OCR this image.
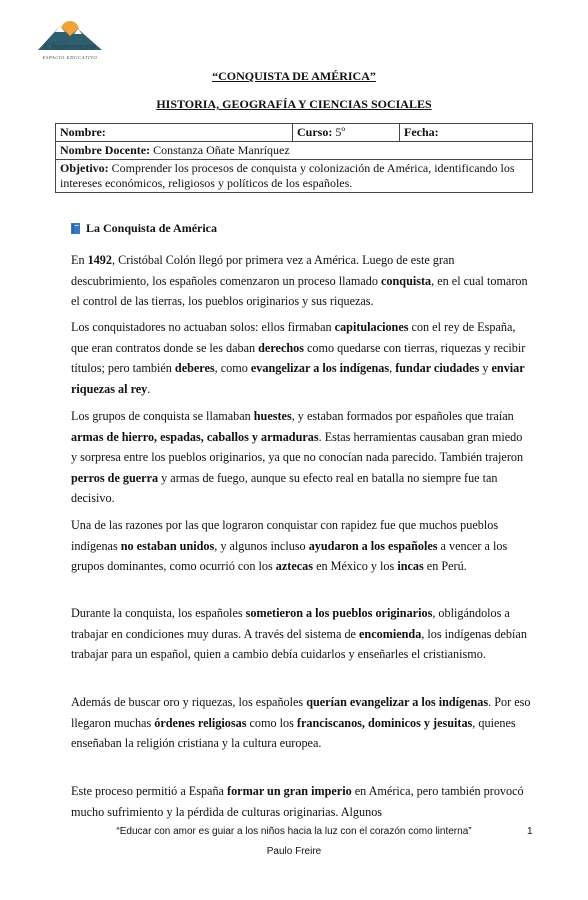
Chamonate
ESPACIO EDUCATIVO
“CONQUISTA DE AMÉRICA”
HISTORIA, GEOGRAFÍA Y CIENCIAS SOCIALES
Nombre:	Curso: 5º	Fecha:
Nombre Docente: Constanza Oñate Manríquez
Objetivo: Comprender los procesos de conquista y colonización de América, identificando los intereses económicos, religiosos y políticos de los españoles.
La Conquista de América

En 1492, Cristóbal Colón llegó por primera vez a América. Luego de este gran descubrimiento, los españoles comenzaron un proceso llamado conquista, en el cual tomaron el control de las tierras, los pueblos originarios y sus riquezas.

Los conquistadores no actuaban solos: ellos firmaban capitulaciones con el rey de España, que eran contratos donde se les daban derechos como quedarse con tierras, riquezas y recibir títulos; pero también deberes, como evangelizar a los indígenas, fundar ciudades y enviar riquezas al rey.

Los grupos de conquista se llamaban huestes, y estaban formados por españoles que traían armas de hierro, espadas, caballos y armaduras. Estas herramientas causaban gran miedo y sorpresa entre los pueblos originarios, ya que no conocían nada parecido. También trajeron perros de guerra y armas de fuego, aunque su efecto real en batalla no siempre fue tan decisivo.

Una de las razones por las que lograron conquistar con rapidez fue que muchos pueblos indígenas no estaban unidos, y algunos incluso ayudaron a los españoles a vencer a los grupos dominantes, como ocurrió con los aztecas en México y los incas en Perú.

Durante la conquista, los españoles sometieron a los pueblos originarios, obligándolos a trabajar en condiciones muy duras. A través del sistema de encomienda, los indígenas debían trabajar para un español, quien a cambio debía cuidarlos y enseñarles el cristianismo.

Además de buscar oro y riquezas, los españoles querían evangelizar a los indígenas. Por eso llegaron muchas órdenes religiosas como los franciscanos, dominicos y jesuitas, quienes enseñaban la religión cristiana y la cultura europea.

Este proceso permitió a España formar un gran imperio en América, pero también provocó mucho sufrimiento y la pérdida de culturas originarias. Algunos

“Educar con amor es guiar a los niños hacia la luz con el corazón como linterna”	1
Paulo Freire
